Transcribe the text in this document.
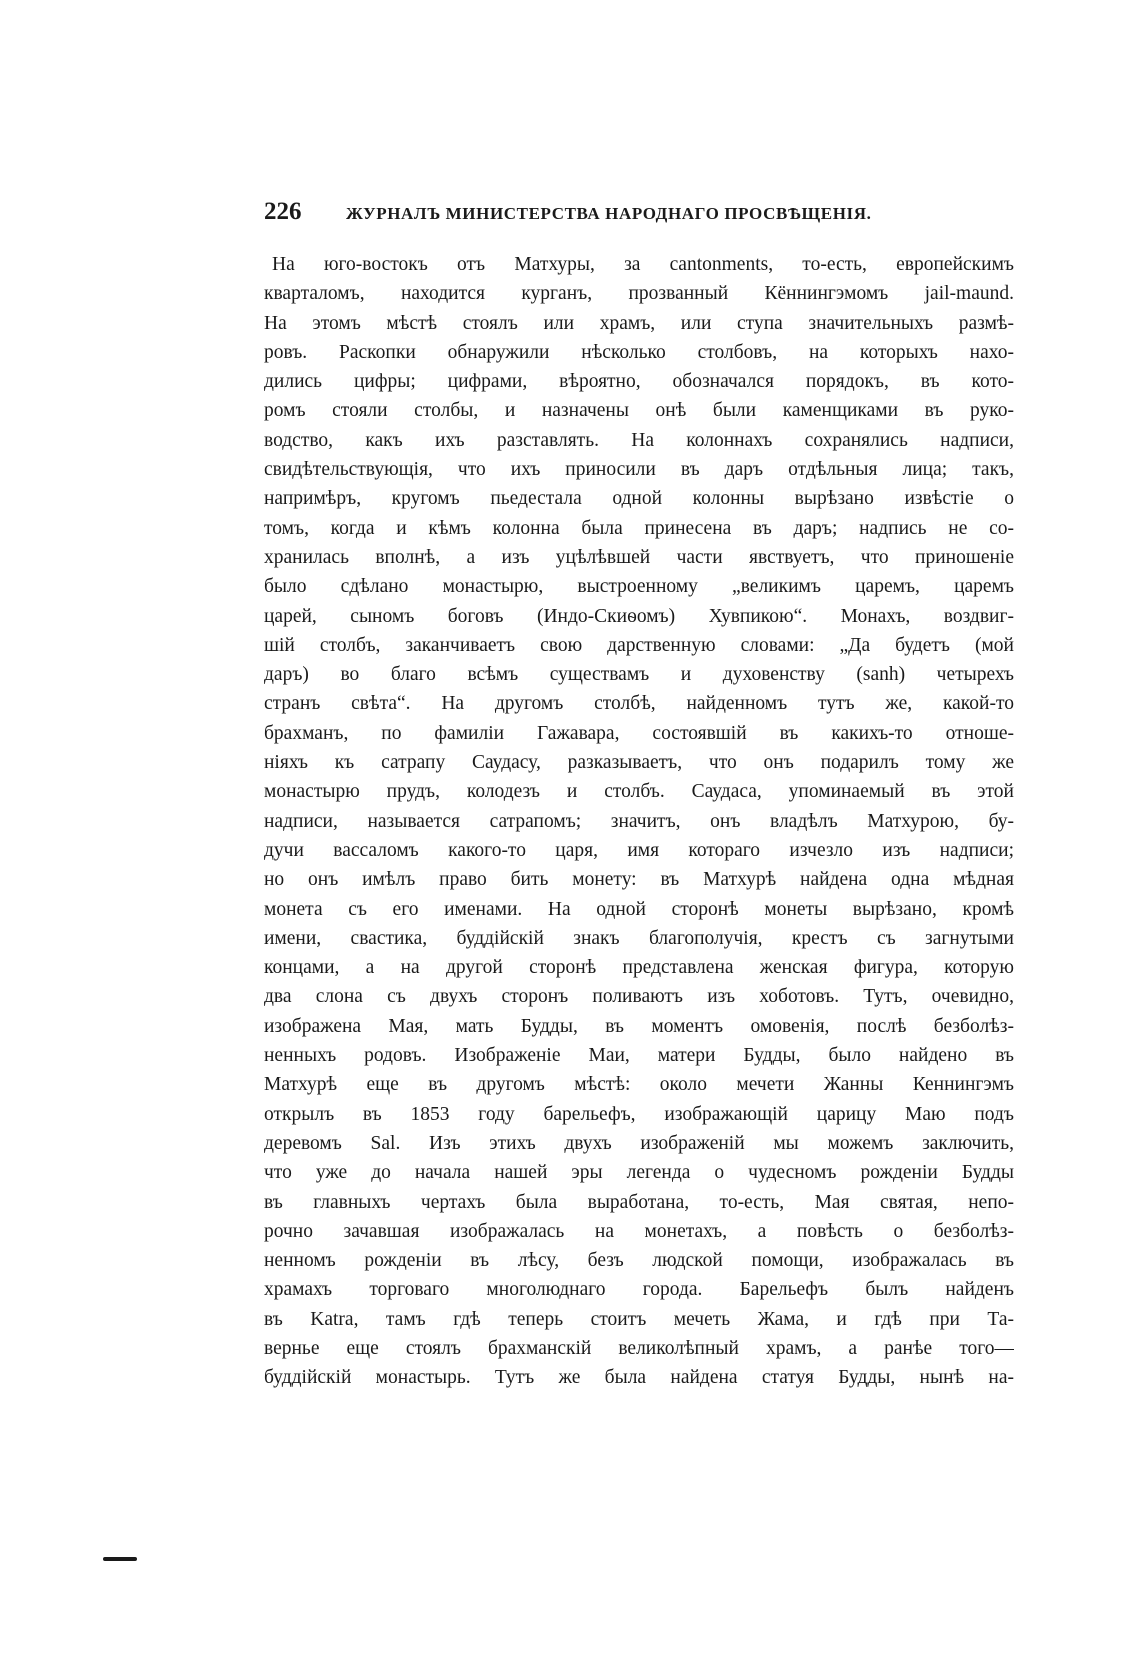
226	ЖУРНАЛЪ МИНИСТЕРСТВА НАРОДНАГО ПРОСВѢЩЕНІЯ.
На юго-востокъ отъ Матхуры, за cantonments, то-есть, европейскимъ
кварталомъ, находится курганъ, прозванный Кённингэмомъ jail-maund.
На этомъ мѣстѣ стоялъ или храмъ, или ступа значительныхъ размѣ-
ровъ. Раскопки обнаружили нѣсколько столбовъ, на которыхъ нахо-
дились цифры; цифрами, вѣроятно, обозначался порядокъ, въ кото-
ромъ стояли столбы, и назначены онѣ были каменщиками въ руко-
водство, какъ ихъ разставлять. На колоннахъ сохранялись надписи,
свидѣтельствующія, что ихъ приносили въ даръ отдѣльныя лица; такъ,
напримѣръ, кругомъ пьедестала одной колонны вырѣзано извѣстіе о
томъ, когда и кѣмъ колонна была принесена въ даръ; надпись не со-
хранилась вполнѣ, а изъ уцѣлѣвшей части явствуетъ, что приношеніе
было сдѣлано монастырю, выстроенному „великимъ царемъ, царемъ
царей, сыномъ боговъ (Индо-Скиѳомъ) Хувпикою“. Монахъ, воздвиг-
шій столбъ, заканчиваетъ свою дарственную словами: „Да будетъ (мой
даръ) во благо всѣмъ существамъ и духовенству (sanh) четырехъ
странъ свѣта“. На другомъ столбѣ, найденномъ тутъ же, какой-то
брахманъ, по фамиліи Гажавара, состоявшій въ какихъ-то отноше-
ніяхъ къ сатрапу Саудасу, разказываетъ, что онъ подарилъ тому же
монастырю прудъ, колодезъ и столбъ. Саудаса, упоминаемый въ этой
надписи, называется сатрапомъ; значитъ, онъ владѣлъ Матхурою, бу-
дучи вассаломъ какого-то царя, имя котораго изчезло изъ надписи;
но онъ имѣлъ право бить монету: въ Матхурѣ найдена одна мѣдная
монета съ его именами. На одной сторонѣ монеты вырѣзано, кромѣ
имени, свастика, буддійскій знакъ благополучія, крестъ съ загнутыми
концами, а на другой сторонѣ представлена женская фигура, которую
два слона съ двухъ сторонъ поливаютъ изъ хоботовъ. Тутъ, очевидно,
изображена Мая, мать Будды, въ моментъ омовенія, послѣ безболѣз-
ненныхъ родовъ. Изображеніе Маи, матери Будды, было найдено въ
Матхурѣ еще въ другомъ мѣстѣ: около мечети Жанны Кеннингэмъ
открылъ въ 1853 году барельефъ, изображающій царицу Маю подъ
деревомъ Sal. Изъ этихъ двухъ изображеній мы можемъ заключить,
что уже до начала нашей эры легенда о чудесномъ рожденіи Будды
въ главныхъ чертахъ была выработана, то-есть, Мая святая, непо-
рочно зачавшая изображалась на монетахъ, а повѣсть о безболѣз-
ненномъ рожденіи въ лѣсу, безъ людской помощи, изображалась въ
храмахъ торговаго многолюднаго города. Барельефъ былъ найденъ
въ Katra, тамъ гдѣ теперь стоитъ мечеть Жама, и гдѣ при Та-
вернье еще стоялъ брахманскій великолѣпный храмъ, а ранѣе того—
буддійскій монастырь. Тутъ же была найдена статуя Будды, нынѣ на-
